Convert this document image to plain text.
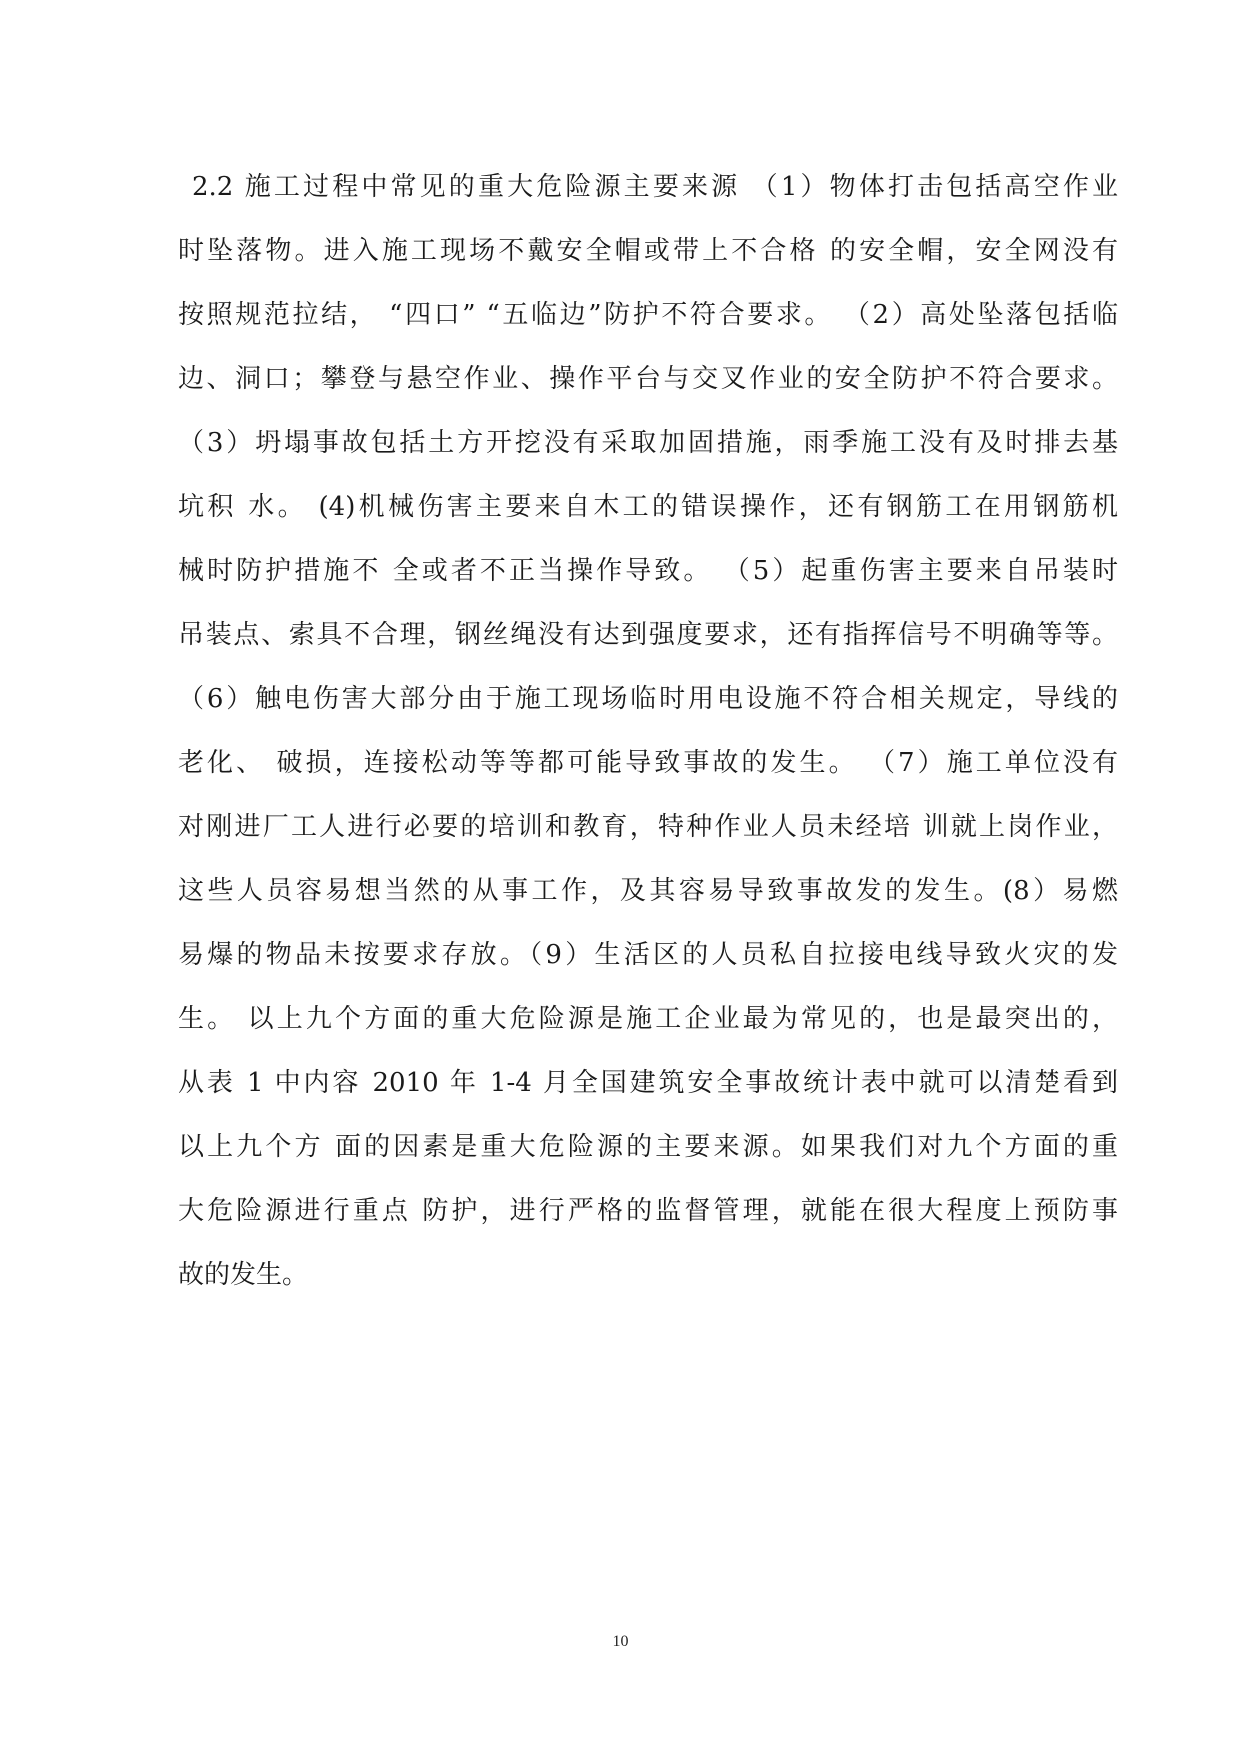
2.2 施工过程中常见的重大危险源主要来源 （1）物体打击包括高空作业
时坠落物。进入施工现场不戴安全帽或带上不合格 的安全帽，安全网没有
按照规范拉结， “四口” “五临边”防护不符合要求。 （2）高处坠落包括临
边、洞口；攀登与悬空作业、操作平台与交叉作业的安全防护不符合要求。
（3）坍塌事故包括土方开挖没有采取加固措施，雨季施工没有及时排去基
坑积 水。 (4)机械伤害主要来自木工的错误操作，还有钢筋工在用钢筋机
械时防护措施不 全或者不正当操作导致。 （5）起重伤害主要来自吊装时
吊装点、索具不合理，钢丝绳没有达到强度要求，还有指挥信号不明确等等。
（6）触电伤害大部分由于施工现场临时用电设施不符合相关规定，导线的
老化、 破损，连接松动等等都可能导致事故的发生。 （7）施工单位没有
对刚进厂工人进行必要的培训和教育，特种作业人员未经培 训就上岗作业，
这些人员容易想当然的从事工作，及其容易导致事故发的发生。(8）易燃
易爆的物品未按要求存放。（9）生活区的人员私自拉接电线导致火灾的发
生。 以上九个方面的重大危险源是施工企业最为常见的，也是最突出的，
从表 1 中内容 2010 年 1-4 月全国建筑安全事故统计表中就可以清楚看到
以上九个方 面的因素是重大危险源的主要来源。如果我们对九个方面的重
大危险源进行重点 防护，进行严格的监督管理，就能在很大程度上预防事
故的发生。
10
